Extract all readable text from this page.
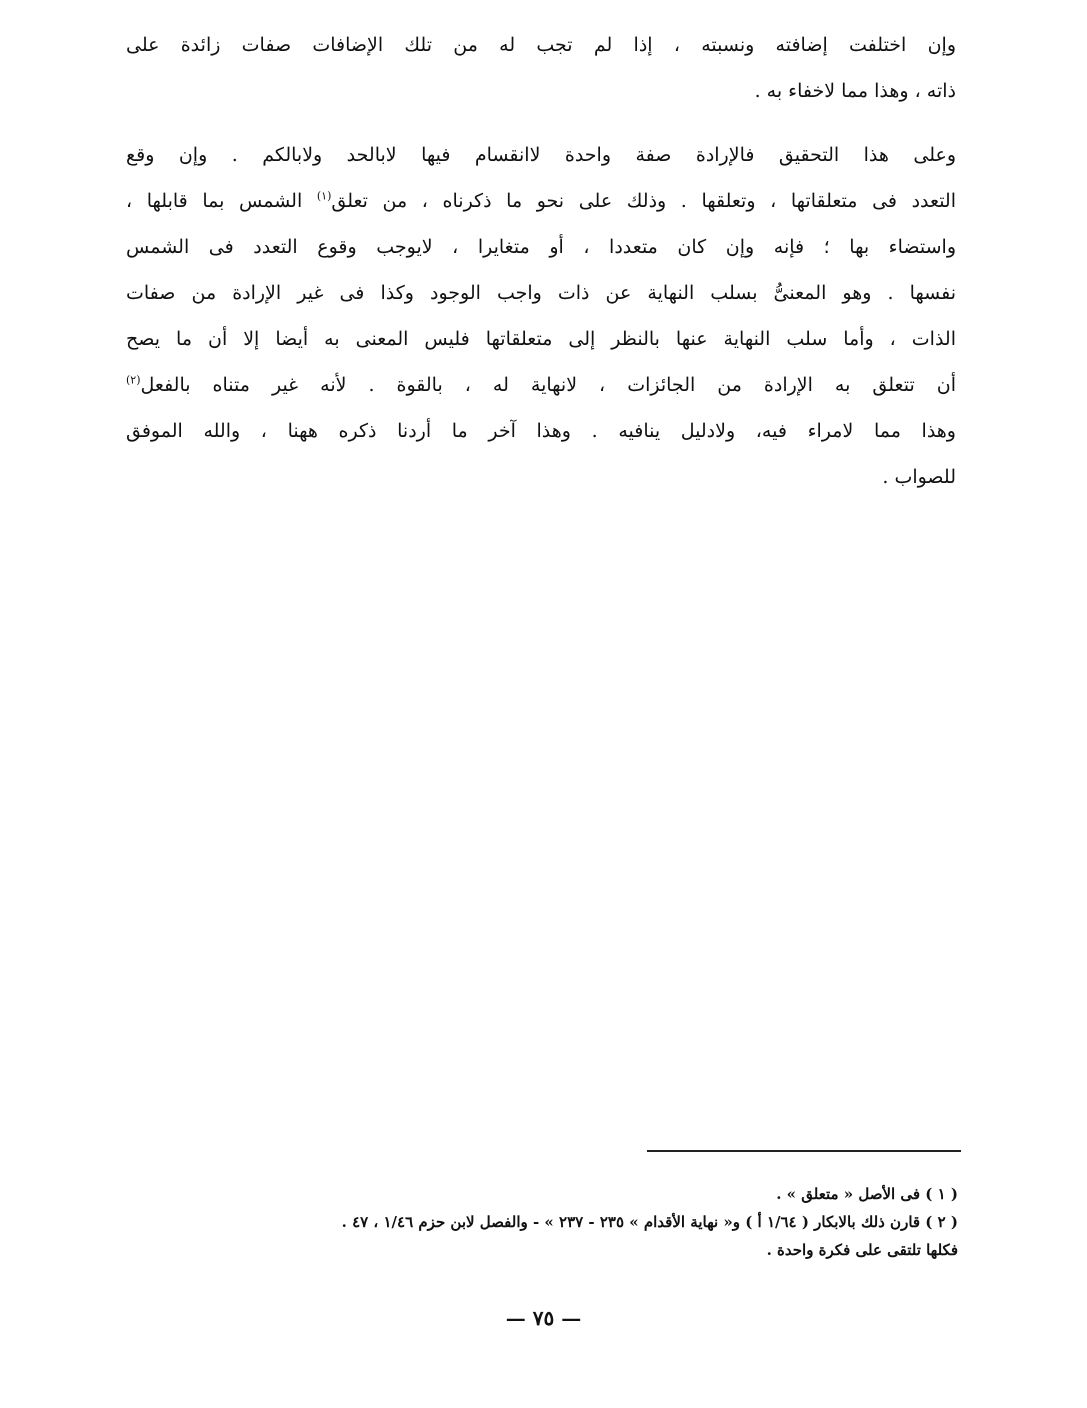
وإن اختلفت إضافته ونسبته ، إذا لم تجب له من تلك الإضافات صفات زائدة على
ذاته ، وهذا مما لاخفاء به .
وعلى هذا التحقيق فالإرادة صفة واحدة لاانقسام فيها لابالحد ولابالكم . وإن وقع
التعدد فى متعلقاتها ، وتعلقها . وذلك على نحو ما ذكرناه ، من تعلق$^{(١)}$ الشمس بما قابلها ،
واستضاء بها ؛ فإنه وإن كان متعددا ، أو متغايرا ، لايوجب وقوع التعدد فى الشمس
نفسها . وهو المعنىُّ بسلب النهاية عن ذات واجب الوجود وكذا فى غير الإرادة من صفات
الذات ، وأما سلب النهاية عنها بالنظر إلى متعلقاتها فليس المعنى به أيضا إلا أن ما يصح
أن تتعلق به الإرادة من الجائزات ، لانهاية له ، بالقوة . لأنه غير متناه بالفعل$^{(٢)}$
وهذا مما لامراء فيه، ولادليل ينافيه . وهذا آخر ما أردنا ذكره ههنا ، والله الموفق
للصواب .
( ١ ) فى الأصل « متعلق » .
( ٢ ) قارن ذلك بالابكار ( ١/٦٤ أ ) و« نهاية الأقدام » ٢٣٥ - ٢٣٧ » - والفصل لابن حزم ١/٤٦ ، ٤٧ .
فكلها تلتقى على فكرة واحدة .
— ٧٥ —
